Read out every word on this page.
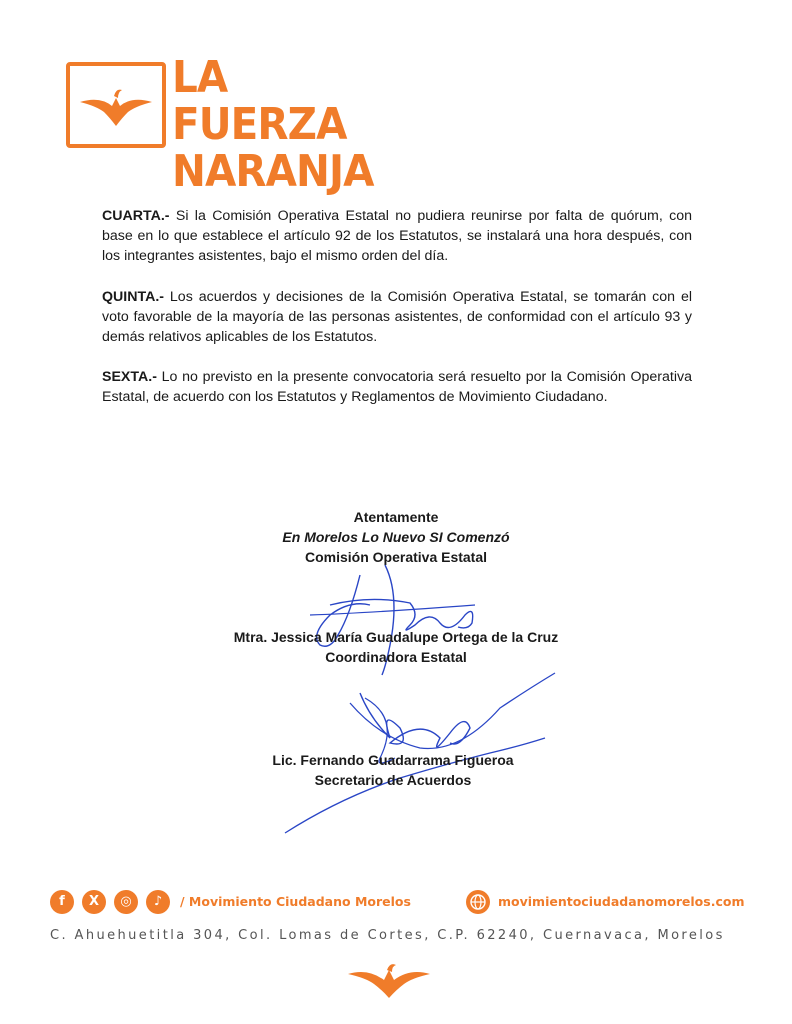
LA FUERZA
NARANJA
CUARTA.- Si la Comisión Operativa Estatal no pudiera reunirse por falta de quórum, con base en lo que establece el artículo 92 de los Estatutos, se instalará una hora después, con los integrantes asistentes, bajo el mismo orden del día.
QUINTA.- Los acuerdos y decisiones de la Comisión Operativa Estatal, se tomarán con el voto favorable de la mayoría de las personas asistentes, de conformidad con el artículo 93 y demás relativos aplicables de los Estatutos.
SEXTA.- Lo no previsto en la presente convocatoria será resuelto por la Comisión Operativa Estatal, de acuerdo con los Estatutos y Reglamentos de Movimiento Ciudadano.
Atentamente
En Morelos Lo Nuevo SI Comenzó
Comisión Operativa Estatal
Mtra. Jessica María Guadalupe Ortega de la Cruz
Coordinadora Estatal
Lic. Fernando Guadarrama Figueroa
Secretario de Acuerdos
f	X	◎	♪	/ Movimiento Ciudadano Morelos	movimientociudadanomorelos.com
C. Ahuehuetitla 304, Col. Lomas de Cortes, C.P. 62240, Cuernavaca, Morelos
